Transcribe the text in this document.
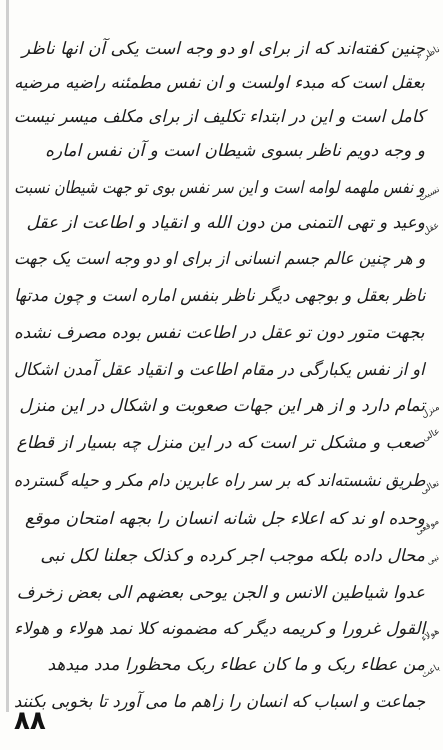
چنین کفته‌اند که از برای او دو وجه است یکی آن انها ناظر
بعقل است که مبدء اولست و ان نفس مطمئنه راضیه مرضیه
کامل است و این در ابتداء تکلیف از برای مکلف میسر نیست
و وجه دویم ناظر بسوی شیطان است و آن نفس اماره
و نفس ملهمه لوامه است و این سر نفس بوی تو جهت شیطان نسبت
وعید و تهی التمنی من دون الله و انقیاد و اطاعت از عقل
و هر چنین عالم جسم انسانی از برای او دو وجه است یک جهت
ناظر بعقل و بوجهی دیگر ناظر بنفس اماره است و چون مدتها
بجهت متور دون تو عقل در اطاعت نفس بوده مصرف نشده
او از نفس یکبارگی در مقام اطاعت و انقیاد عقل آمدن اشکال
تمام دارد و از هر این جهات صعوبت و اشکال در این منزل
صعب و مشکل تر است که در این منزل چه بسیار از قطاع
طریق نشسته‌اند که بر سر راه عابرین دام مکر و حیله گسترده
وحده او ند که اعلاء جل شانه انسان را بجهه امتحان موقع
محال داده بلکه موجب اجر کرده و کذلک جعلنا لکل نبی
عدوا شیاطین الانس و الجن یوحی بعضهم الی بعض زخرف
القول غرورا و کریمه دیگر که مضمونه کلا نمد هولاء و هولاء
من عطاء ربک و ما کان عطاء ربک محظورا مدد میدهد
جماعت و اسباب که انسان را زاهم ما می آورد تا بخوبی بکنند
ناظر
نسبت
عقل
منزل
عالی
تعالی
موقعی
نبی
هولاء
باعث
۸۸
